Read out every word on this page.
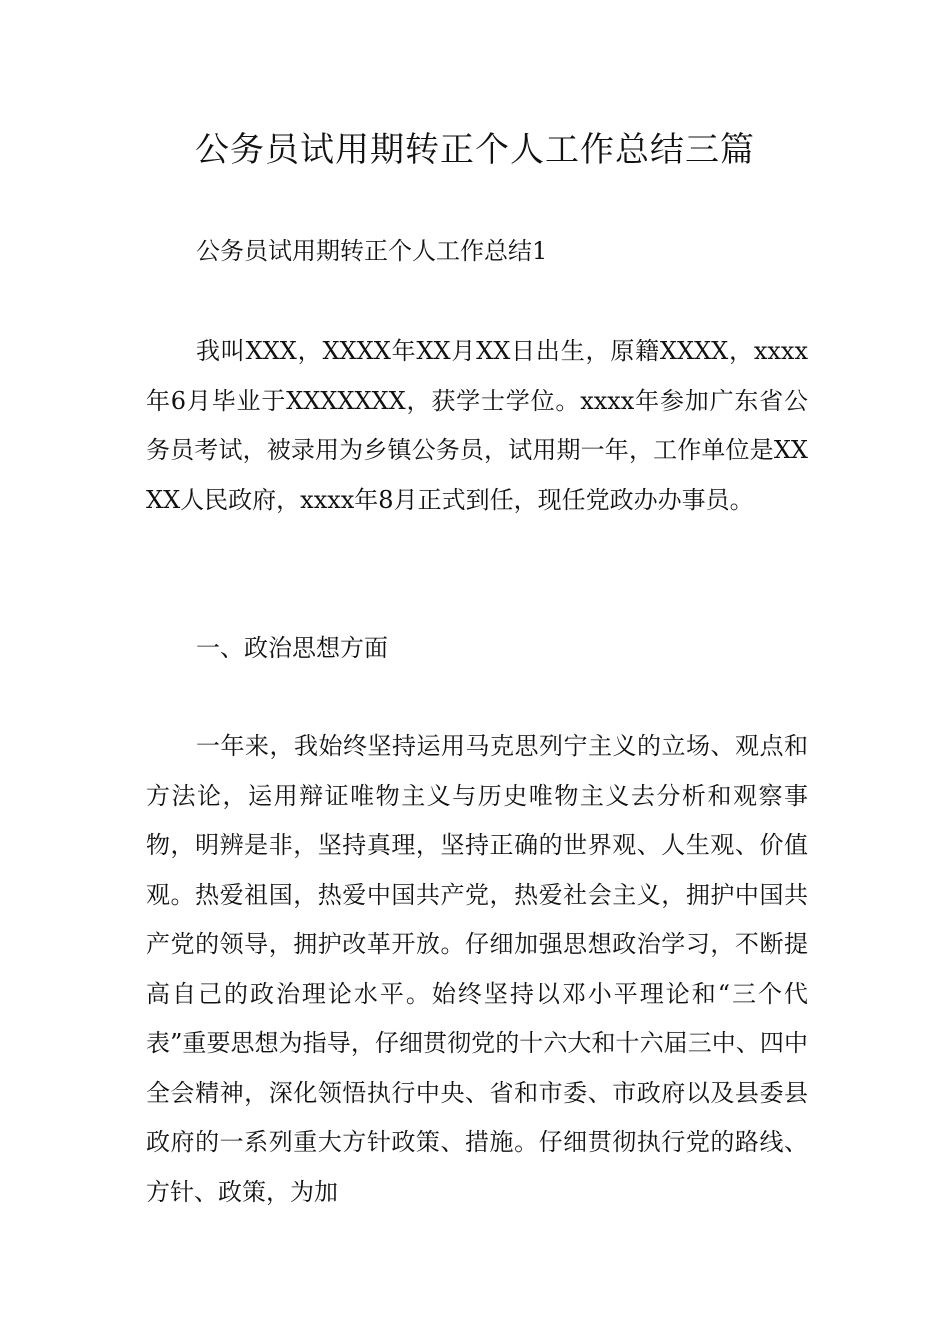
公务员试用期转正个人工作总结三篇

公务员试用期转正个人工作总结1

我叫XXX，XXXX年XX月XX日出生，原籍XXXX，xxxx年6月毕业于XXXXXXX，获学士学位。xxxx年参加广东省公务员考试，被录用为乡镇公务员，试用期一年，工作单位是XXXX人民政府，xxxx年8月正式到任，现任党政办办事员。

一、政治思想方面

一年来，我始终坚持运用马克思列宁主义的立场、观点和方法论，运用辩证唯物主义与历史唯物主义去分析和观察事物，明辨是非，坚持真理，坚持正确的世界观、人生观、价值观。热爱祖国，热爱中国共产党，热爱社会主义，拥护中国共产党的领导，拥护改革开放。仔细加强思想政治学习，不断提高自己的政治理论水平。始终坚持以邓小平理论和“三个代表”重要思想为指导，仔细贯彻党的十六大和十六届三中、四中全会精神，深化领悟执行中央、省和市委、市政府以及县委县政府的一系列重大方针政策、措施。仔细贯彻执行党的路线、方针、政策，为加
